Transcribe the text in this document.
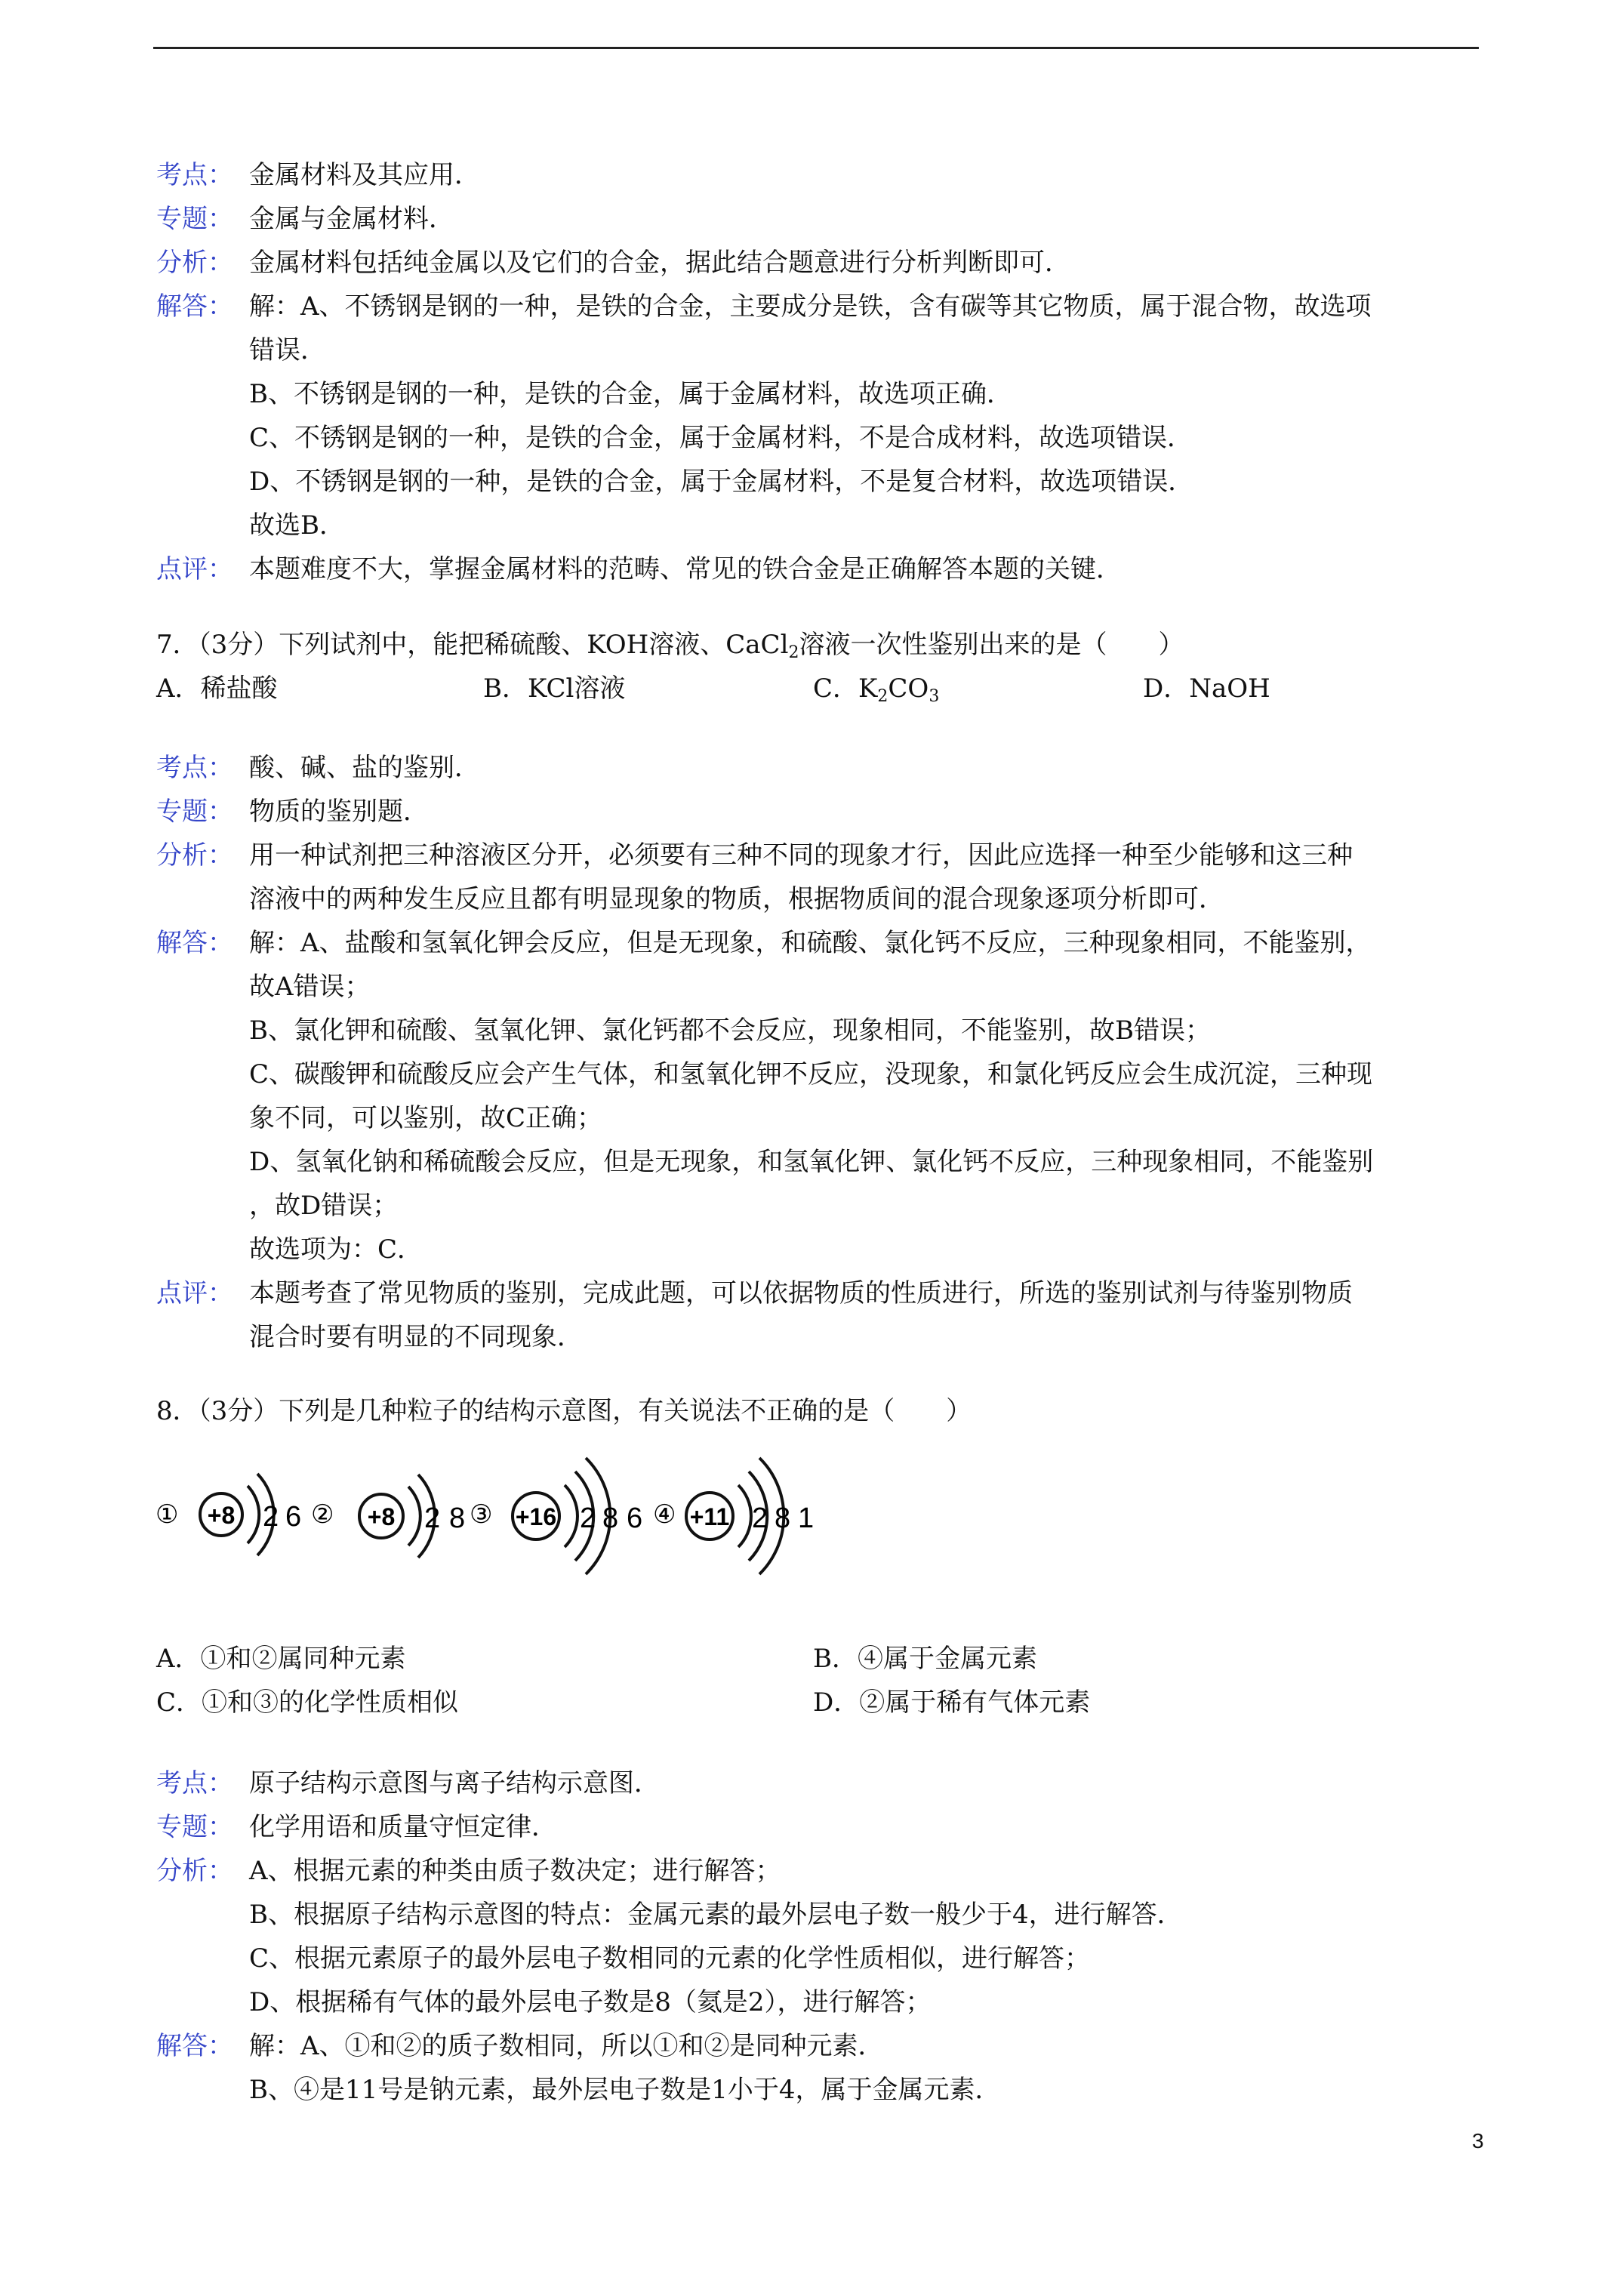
考点： 金属材料及其应用．
专题： 金属与金属材料．
分析： 金属材料包括纯金属以及它们的合金，据此结合题意进行分析判断即可．
解答： 解：A、不锈钢是钢的一种，是铁的合金，主要成分是铁，含有碳等其它物质，属于混合物，故选项
错误．
B、不锈钢是钢的一种，是铁的合金，属于金属材料，故选项正确．
C、不锈钢是钢的一种，是铁的合金，属于金属材料，不是合成材料，故选项错误．
D、不锈钢是钢的一种，是铁的合金，属于金属材料，不是复合材料，故选项错误．
故选B．
点评： 本题难度不大，掌握金属材料的范畴、常见的铁合金是正确解答本题的关键．
7．（3分）下列试剂中，能把稀硫酸、KOH溶液、CaCl$_2$溶液一次性鉴别出来的是（　　）
A．稀盐酸	B．KCl溶液	C．$K_2CO_3$	D．NaOH
考点： 酸、碱、盐的鉴别．
专题： 物质的鉴别题．
分析： 用一种试剂把三种溶液区分开，必须要有三种不同的现象才行，因此应选择一种至少能够和这三种
溶液中的两种发生反应且都有明显现象的物质，根据物质间的混合现象逐项分析即可．
解答： 解：A、盐酸和氢氧化钾会反应，但是无现象，和硫酸、氯化钙不反应，三种现象相同，不能鉴别，
故A错误；
B、氯化钾和硫酸、氢氧化钾、氯化钙都不会反应，现象相同，不能鉴别，故B错误；
C、碳酸钾和硫酸反应会产生气体，和氢氧化钾不反应，没现象，和氯化钙反应会生成沉淀，三种现
象不同，可以鉴别，故C正确；
D、氢氧化钠和稀硫酸会反应，但是无现象，和氢氧化钾、氯化钙不反应，三种现象相同，不能鉴别
，故D错误；
故选项为：C．
点评： 本题考查了常见物质的鉴别，完成此题，可以依据物质的性质进行，所选的鉴别试剂与待鉴别物质
混合时要有明显的不同现象．
8．（3分）下列是几种粒子的结构示意图，有关说法不正确的是（　　）
① +8 2 6 ② +8 2 8 ③ +16 2 8 6 ④ +11 2 8 1
A．①和②属同种元素	B．④属于金属元素
C．①和③的化学性质相似	D．②属于稀有气体元素
考点： 原子结构示意图与离子结构示意图．
专题： 化学用语和质量守恒定律．
分析： A、根据元素的种类由质子数决定；进行解答；
B、根据原子结构示意图的特点：金属元素的最外层电子数一般少于4，进行解答．
C、根据元素原子的最外层电子数相同的元素的化学性质相似，进行解答；
D、根据稀有气体的最外层电子数是8（氦是2），进行解答；
解答： 解：A、①和②的质子数相同，所以①和②是同种元素．
B、④是11号是钠元素，最外层电子数是1小于4，属于金属元素．
3
